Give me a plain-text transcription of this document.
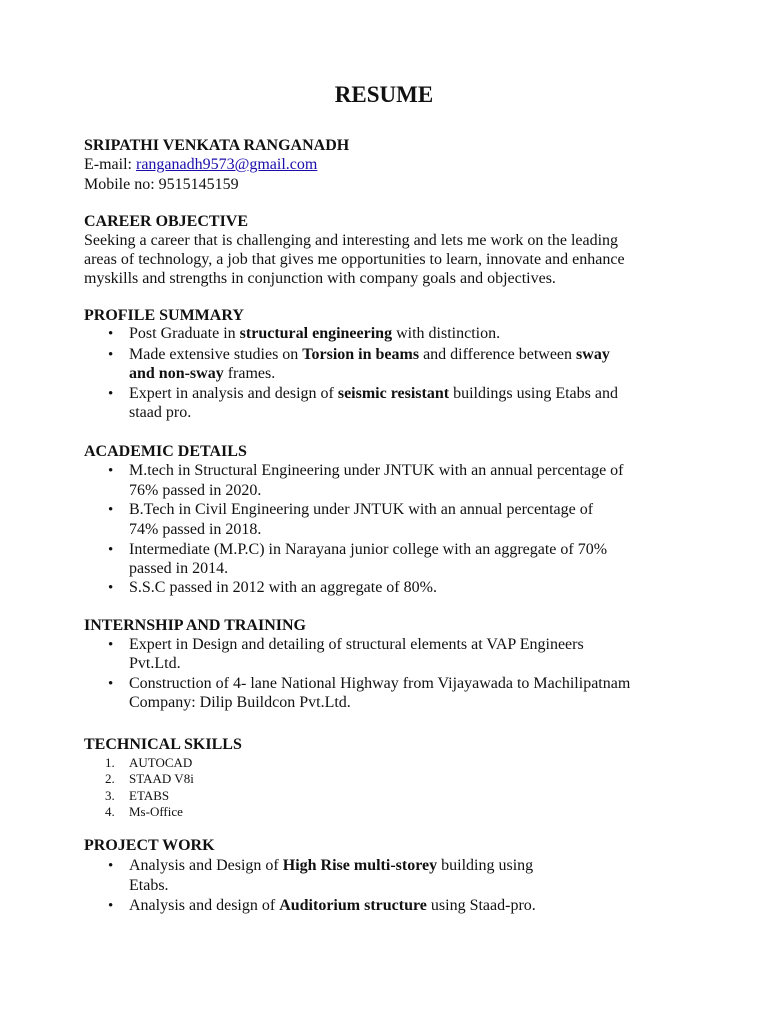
RESUME
SRIPATHI VENKATA RANGANADH
E-mail: ranganadh9573@gmail.com
Mobile no: 9515145159
CAREER OBJECTIVE
Seeking a career that is challenging and interesting and lets me work on the leading
areas of technology, a job that gives me opportunities to learn, innovate and enhance
myskills and strengths in conjunction with company goals and objectives.
PROFILE SUMMARY
• Post Graduate in structural engineering with distinction.
• Made extensive studies on Torsion in beams and difference between sway
and non-sway frames.
• Expert in analysis and design of seismic resistant buildings using Etabs and
staad pro.
ACADEMIC DETAILS
• M.tech in Structural Engineering under JNTUK with an annual percentage of
76% passed in 2020.
• B.Tech in Civil Engineering under JNTUK with an annual percentage of
74% passed in 2018.
• Intermediate (M.P.C) in Narayana junior college with an aggregate of 70%
passed in 2014.
• S.S.C passed in 2012 with an aggregate of 80%.
INTERNSHIP AND TRAINING
• Expert in Design and detailing of structural elements at VAP Engineers
Pvt.Ltd.
• Construction of 4- lane National Highway from Vijayawada to Machilipatnam
Company: Dilip Buildcon Pvt.Ltd.
TECHNICAL SKILLS
1. AUTOCAD
2. STAAD V8i
3. ETABS
4. Ms-Office
PROJECT WORK
• Analysis and Design of High Rise multi-storey building using
Etabs.
• Analysis and design of Auditorium structure using Staad-pro.
